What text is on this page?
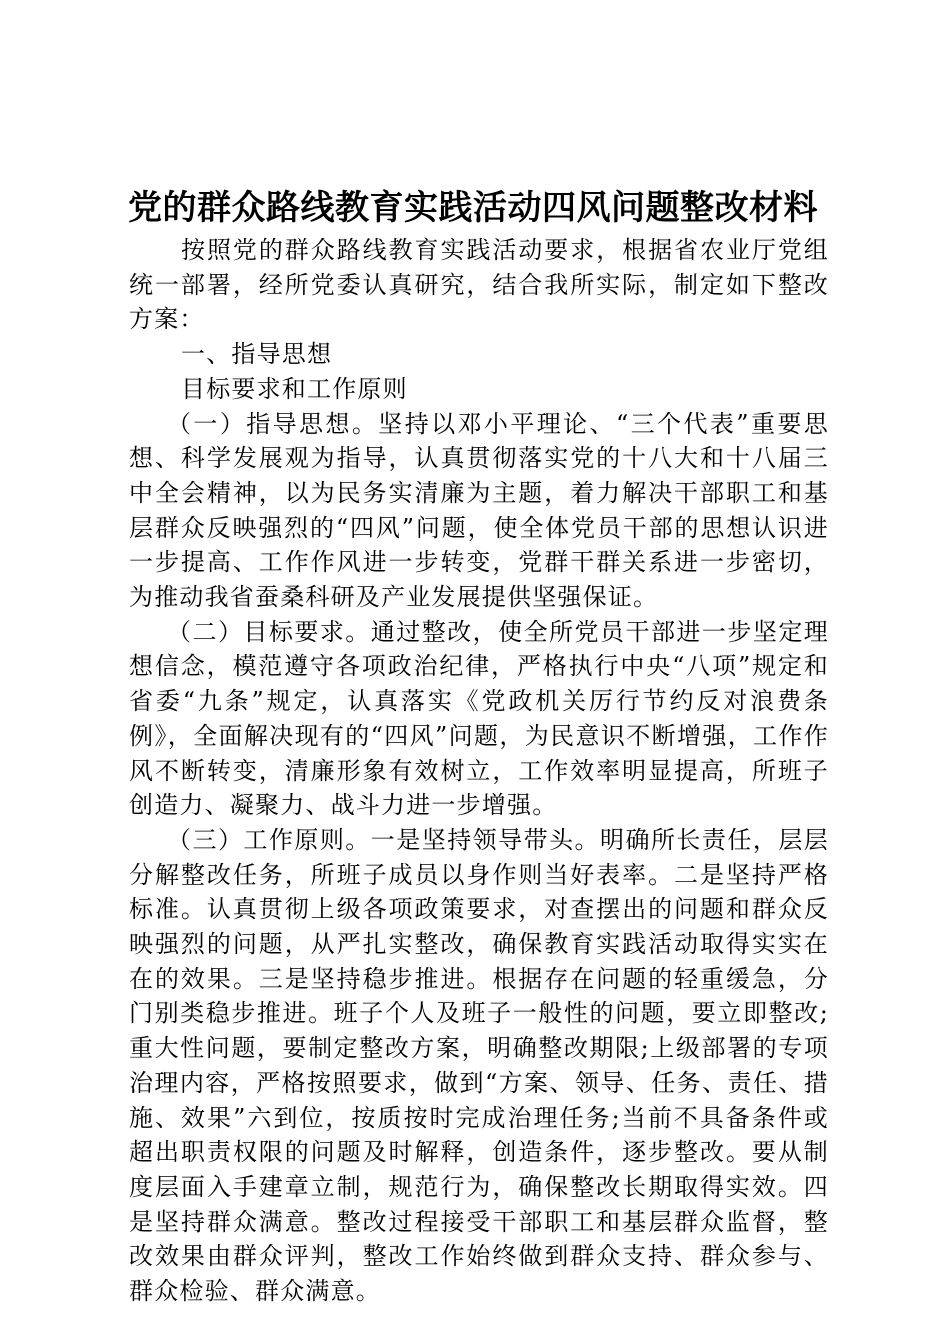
党的群众路线教育实践活动四风问题整改材料

按照党的群众路线教育实践活动要求，根据省农业厅党组统一部署，经所党委认真研究，结合我所实际，制定如下整改方案：

一、指导思想

目标要求和工作原则

（一）指导思想。坚持以邓小平理论、“三个代表”重要思想、科学发展观为指导，认真贯彻落实党的十八大和十八届三中全会精神，以为民务实清廉为主题，着力解决干部职工和基层群众反映强烈的“四风”问题，使全体党员干部的思想认识进一步提高、工作作风进一步转变，党群干群关系进一步密切，为推动我省蚕桑科研及产业发展提供坚强保证。

（二）目标要求。通过整改，使全所党员干部进一步坚定理想信念，模范遵守各项政治纪律，严格执行中央“八项”规定和省委“九条”规定，认真落实《党政机关厉行节约反对浪费条例》，全面解决现有的“四风”问题，为民意识不断增强，工作作风不断转变，清廉形象有效树立，工作效率明显提高，所班子创造力、凝聚力、战斗力进一步增强。

（三）工作原则。一是坚持领导带头。明确所长责任，层层分解整改任务，所班子成员以身作则当好表率。二是坚持严格标准。认真贯彻上级各项政策要求，对查摆出的问题和群众反映强烈的问题，从严扎实整改，确保教育实践活动取得实实在在的效果。三是坚持稳步推进。根据存在问题的轻重缓急，分门别类稳步推进。班子个人及班子一般性的问题，要立即整改;重大性问题，要制定整改方案，明确整改期限;上级部署的专项治理内容，严格按照要求，做到“方案、领导、任务、责任、措施、效果”六到位，按质按时完成治理任务;当前不具备条件或超出职责权限的问题及时解释，创造条件，逐步整改。要从制度层面入手建章立制，规范行为，确保整改长期取得实效。四是坚持群众满意。整改过程接受干部职工和基层群众监督，整改效果由群众评判，整改工作始终做到群众支持、群众参与、群众检验、群众满意。
